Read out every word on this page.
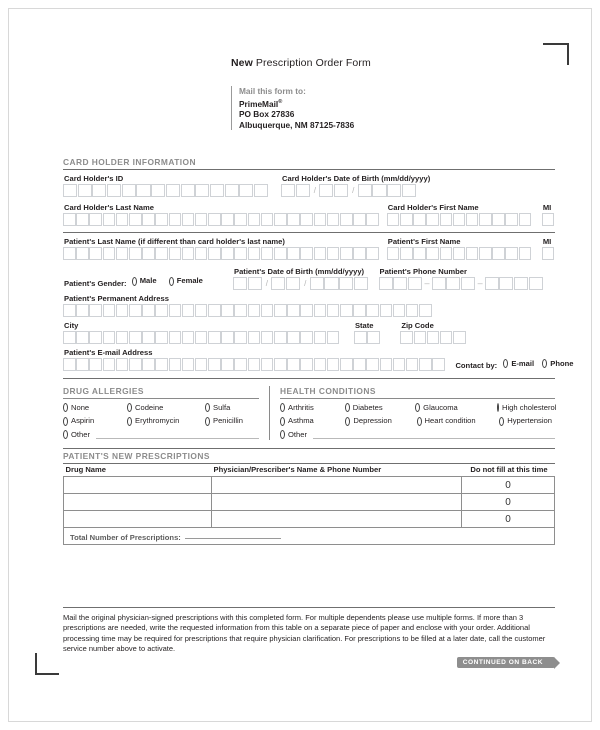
New Prescription Order Form
Mail this form to:
PrimeMail®
PO Box 27836
Albuquerque, NM 87125-7836
CARD HOLDER INFORMATION
Card Holder's ID	Card Holder's Date of Birth (mm/dd/yyyy)
/	/
Card Holder's Last Name	Card Holder's First Name	MI
Patient's Last Name (if different than card holder's last name)	Patient's First Name	MI
Patient's Gender: Male
	Female
Patient's Date of Birth (mm/dd/yyyy)
/	/
Patient's Phone Number
–	–
Patient's Permanent Address
City	State	Zip Code
Patient's E-mail Address
Contact by: E-mail
Phone
DRUG ALLERGIES
None	Codeine	Sulfa
Aspirin	Erythromycin	Penicillin
Other
HEALTH CONDITIONS
Arthritis	Diabetes	Glaucoma	High cholesterol
Asthma	Depression	Heart condition	Hypertension
Other
PATIENT'S NEW PRESCRIPTIONS
Drug Name	Physician/Prescriber's Name & Phone Number	Do not fill at this time
		0
		0
		0
Total Number of Prescriptions:		
Mail the original physician-signed prescriptions with this completed form. For multiple dependents please use multiple forms. If more than 3 prescriptions are needed, write the requested information from this table on a separate piece of paper and enclose with your order. Additional processing time may be required for prescriptions that require physician clarification. For prescriptions to be filled at a later date, call the customer service number above to activate.
CONTINUED ON BACK
